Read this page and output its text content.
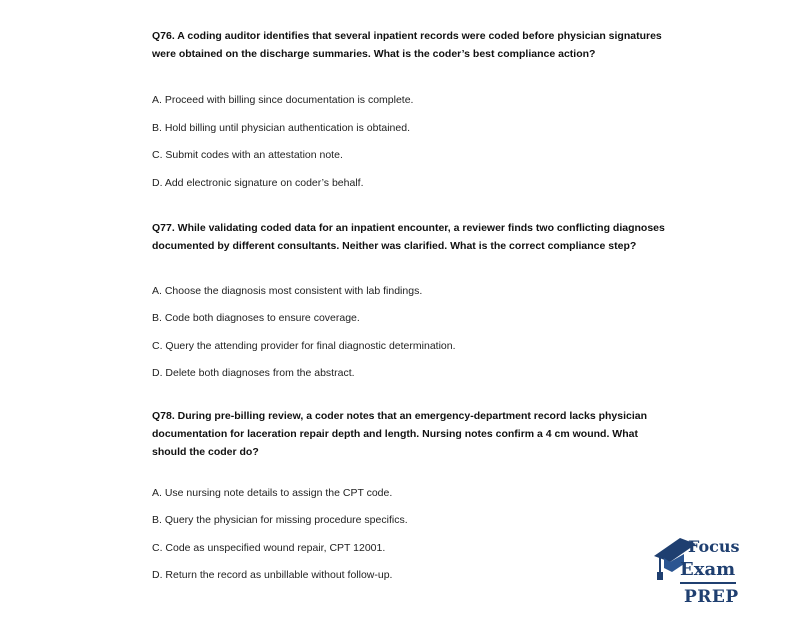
Q76. A coding auditor identifies that several inpatient records were coded before physician signatures were obtained on the discharge summaries. What is the coder’s best compliance action?
A. Proceed with billing since documentation is complete.
B. Hold billing until physician authentication is obtained.
C. Submit codes with an attestation note.
D. Add electronic signature on coder’s behalf.
Q77. While validating coded data for an inpatient encounter, a reviewer finds two conflicting diagnoses documented by different consultants. Neither was clarified. What is the correct compliance step?
A. Choose the diagnosis most consistent with lab findings.
B. Code both diagnoses to ensure coverage.
C. Query the attending provider for final diagnostic determination.
D. Delete both diagnoses from the abstract.
Q78. During pre-billing review, a coder notes that an emergency-department record lacks physician documentation for laceration repair depth and length. Nursing notes confirm a 4 cm wound. What should the coder do?
A. Use nursing note details to assign the CPT code.
B. Query the physician for missing procedure specifics.
C. Code as unspecified wound repair, CPT 12001.
D. Return the record as unbillable without follow-up.
Focus
Exam
PREP
